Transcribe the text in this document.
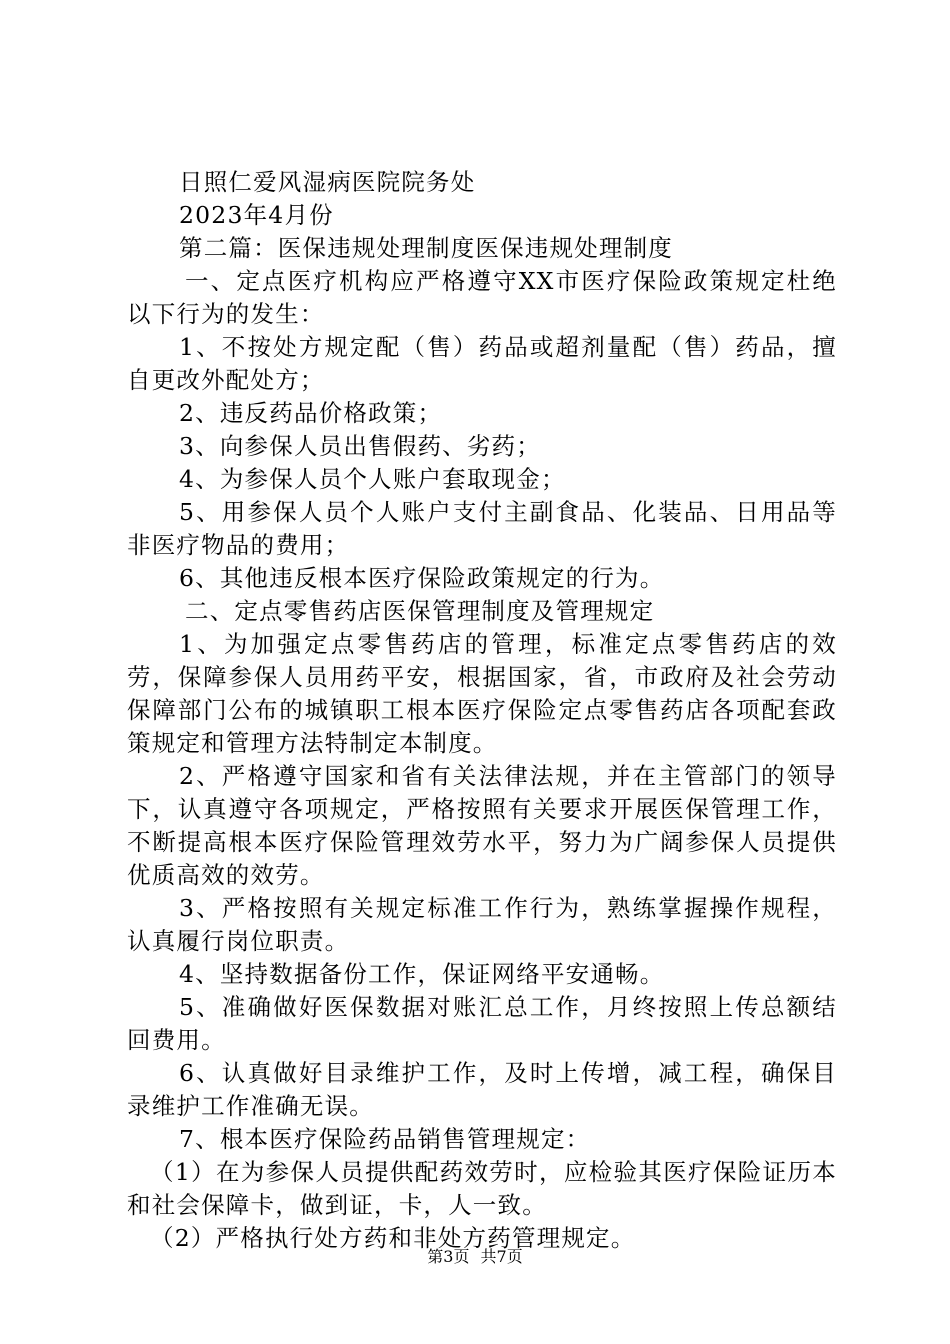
日照仁爱风湿病医院院务处

2023年4月份

第二篇：医保违规处理制度医保违规处理制度

一、定点医疗机构应严格遵守XX市医疗保险政策规定杜绝以下行为的发生：

1、不按处方规定配（售）药品或超剂量配（售）药品，擅自更改外配处方；

2、违反药品价格政策；

3、向参保人员出售假药、劣药；

4、为参保人员个人账户套取现金；

5、用参保人员个人账户支付主副食品、化装品、日用品等非医疗物品的费用；

6、其他违反根本医疗保险政策规定的行为。

二、定点零售药店医保管理制度及管理规定

1、为加强定点零售药店的管理，标准定点零售药店的效劳，保障参保人员用药平安，根据国家，省，市政府及社会劳动保障部门公布的城镇职工根本医疗保险定点零售药店各项配套政策规定和管理方法特制定本制度。

2、严格遵守国家和省有关法律法规，并在主管部门的领导下，认真遵守各项规定，严格按照有关要求开展医保管理工作，不断提高根本医疗保险管理效劳水平，努力为广阔参保人员提供优质高效的效劳。

3、严格按照有关规定标准工作行为，熟练掌握操作规程，认真履行岗位职责。

4、坚持数据备份工作，保证网络平安通畅。

5、准确做好医保数据对账汇总工作，月终按照上传总额结回费用。

6、认真做好目录维护工作，及时上传增，减工程，确保目录维护工作准确无误。

7、根本医疗保险药品销售管理规定：

（1）在为参保人员提供配药效劳时，应检验其医疗保险证历本和社会保障卡，做到证，卡，人一致。

（2）严格执行处方药和非处方药管理规定。

第3页 共7页
